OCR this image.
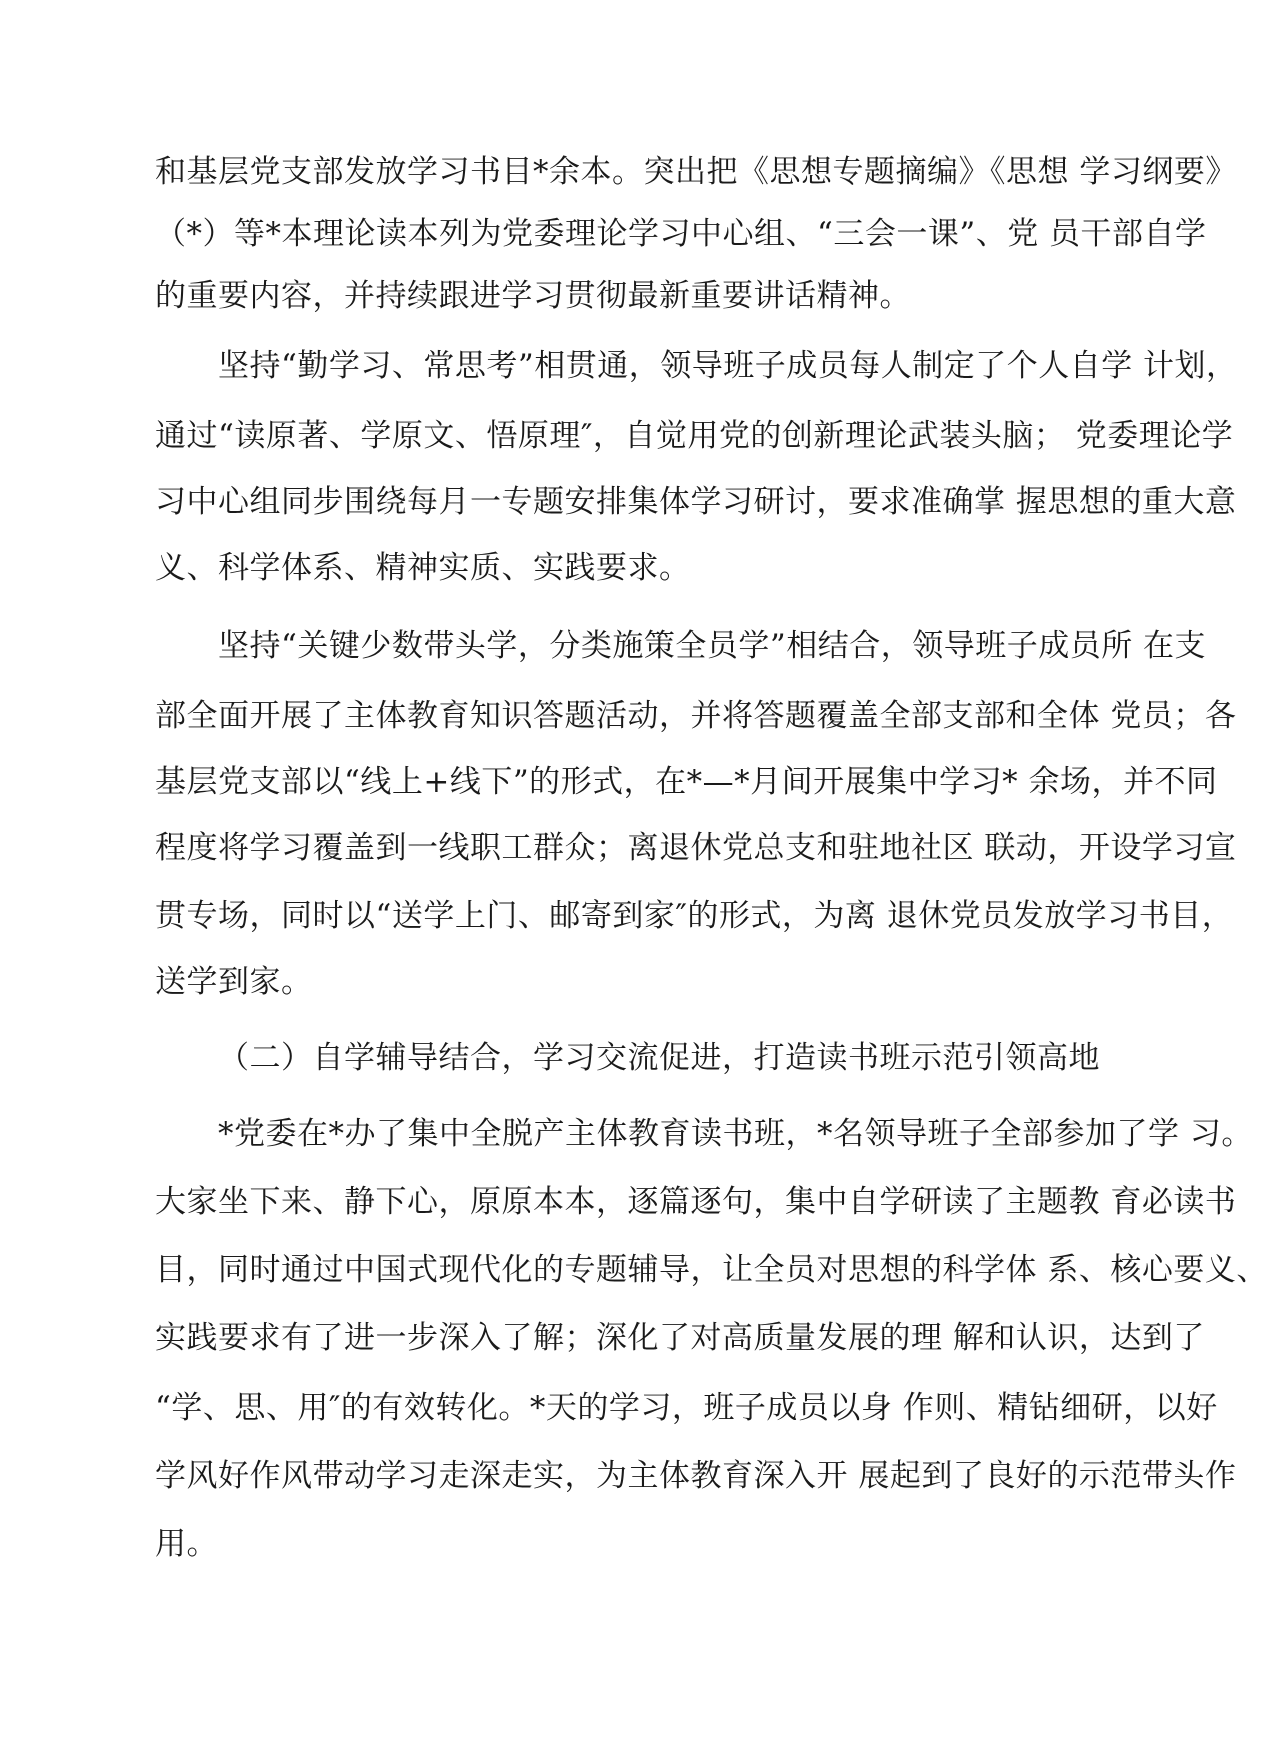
和基层党支部发放学习书目*余本。突出把《思想专题摘编》《思想 学习纲要》
（*）等*本理论读本列为党委理论学习中心组、“三会一课”、党 员干部自学
的重要内容，并持续跟进学习贯彻最新重要讲话精神。
坚持“勤学习、常思考”相贯通，领导班子成员每人制定了个人自学 计划，
通过“读原著、学原文、悟原理″，自觉用党的创新理论武装头脑； 党委理论学
习中心组同步围绕每月一专题安排集体学习研讨，要求准确掌 握思想的重大意
义、科学体系、精神实质、实践要求。
坚持“关键少数带头学，分类施策全员学”相结合，领导班子成员所 在支
部全面开展了主体教育知识答题活动，并将答题覆盖全部支部和全体 党员；各
基层党支部以“线上+线下”的形式，在*—*月间开展集中学习* 余场，并不同
程度将学习覆盖到一线职工群众；离退休党总支和驻地社区 联动，开设学习宣
贯专场，同时以“送学上门、邮寄到家″的形式，为离 退休党员发放学习书目，
送学到家。
（二）自学辅导结合，学习交流促进，打造读书班示范引领高地
*党委在*办了集中全脱产主体教育读书班，*名领导班子全部参加了学 习。
大家坐下来、静下心，原原本本，逐篇逐句，集中自学研读了主题教 育必读书
目，同时通过中国式现代化的专题辅导，让全员对思想的科学体 系、核心要义、
实践要求有了进一步深入了解；深化了对高质量发展的理 解和认识，达到了
“学、思、用″的有效转化。*天的学习，班子成员以身 作则、精钻细研，以好
学风好作风带动学习走深走实，为主体教育深入开 展起到了良好的示范带头作
用。
